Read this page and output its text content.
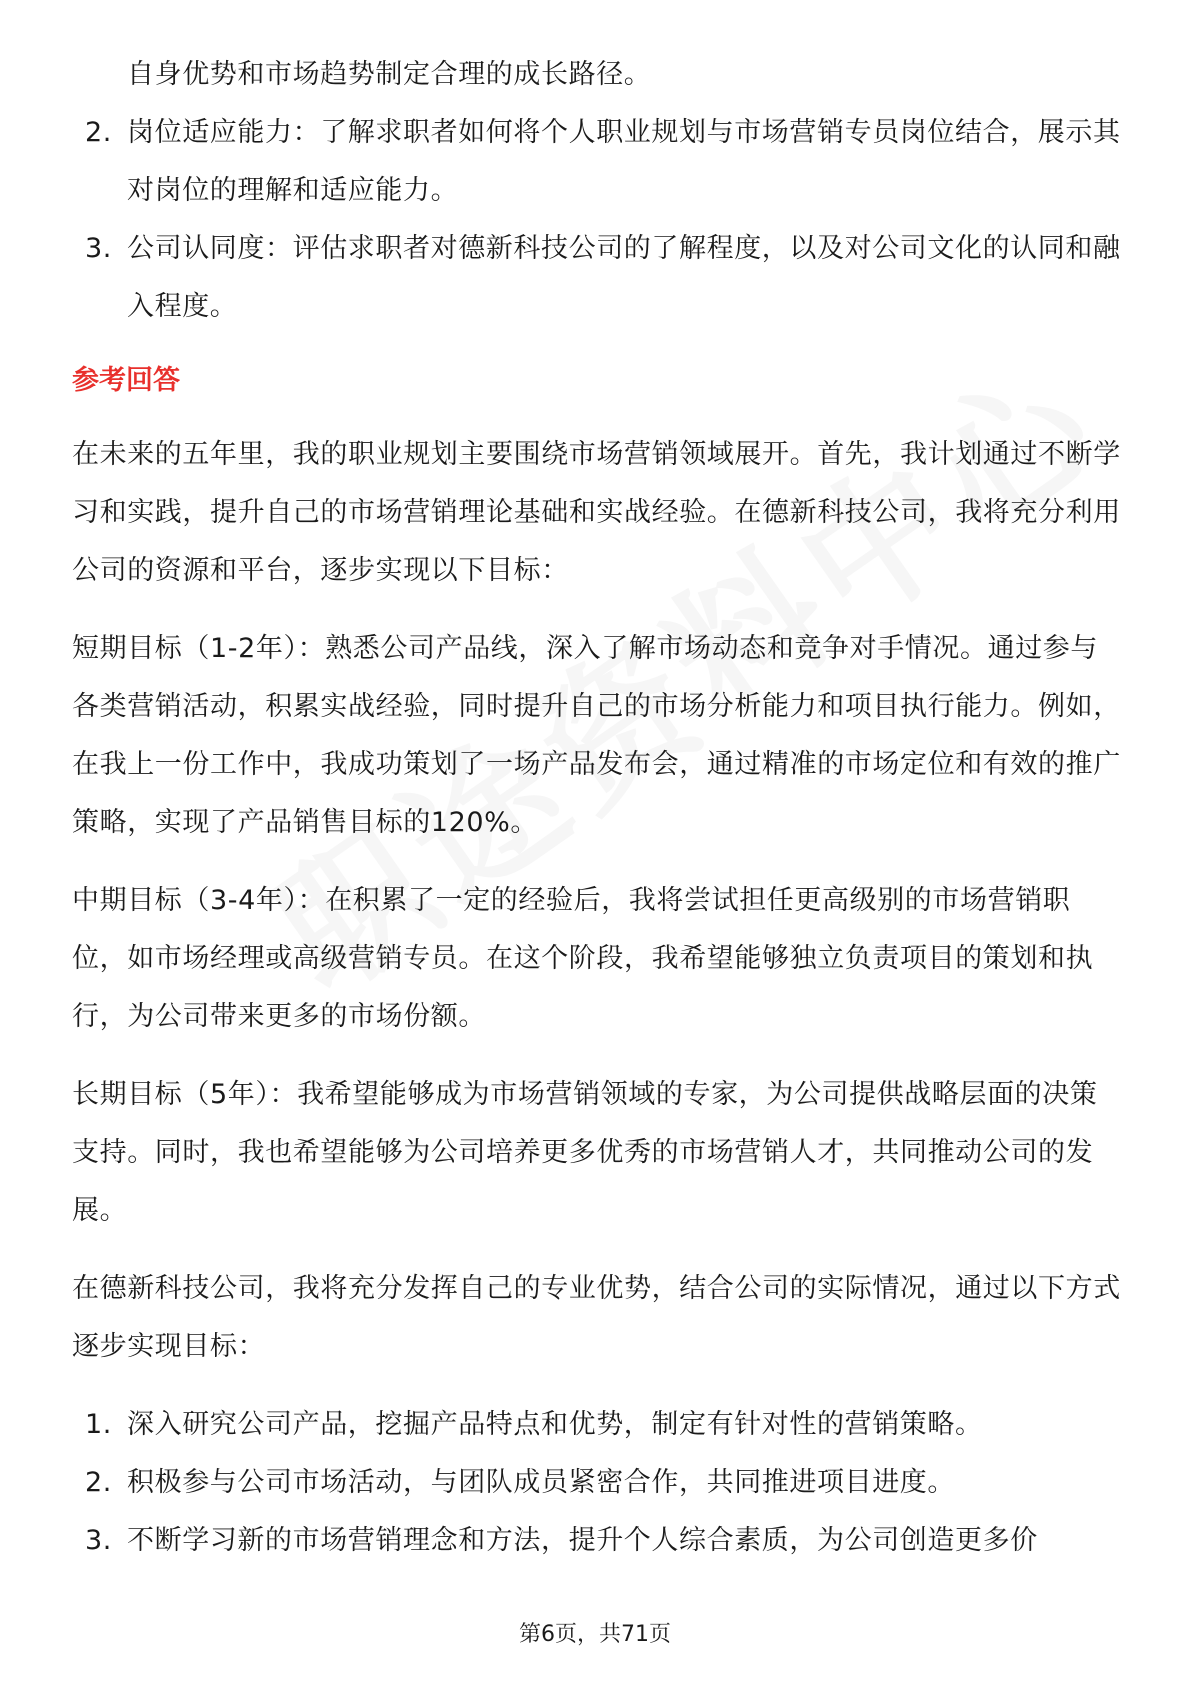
自身优势和市场趋势制定合理的成长路径。

2. 岗位适应能力：了解求职者如何将个人职业规划与市场营销专员岗位结合，展示其对岗位的理解和适应能力。
3. 公司认同度：评估求职者对德新科技公司的了解程度，以及对公司文化的认同和融入程度。
参考回答

在未来的五年里，我的职业规划主要围绕市场营销领域展开。首先，我计划通过不断学习和实践，提升自己的市场营销理论基础和实战经验。在德新科技公司，我将充分利用公司的资源和平台，逐步实现以下目标：

短期目标（1-2年）：熟悉公司产品线，深入了解市场动态和竞争对手情况。通过参与各类营销活动，积累实战经验，同时提升自己的市场分析能力和项目执行能力。例如，在我上一份工作中，我成功策划了一场产品发布会，通过精准的市场定位和有效的推广策略，实现了产品销售目标的120%。

中期目标（3-4年）：在积累了一定的经验后，我将尝试担任更高级别的市场营销职位，如市场经理或高级营销专员。在这个阶段，我希望能够独立负责项目的策划和执行，为公司带来更多的市场份额。

长期目标（5年）：我希望能够成为市场营销领域的专家，为公司提供战略层面的决策支持。同时，我也希望能够为公司培养更多优秀的市场营销人才，共同推动公司的发展。

在德新科技公司，我将充分发挥自己的专业优势，结合公司的实际情况，通过以下方式逐步实现目标：

1. 深入研究公司产品，挖掘产品特点和优势，制定有针对性的营销策略。
2. 积极参与公司市场活动，与团队成员紧密合作，共同推进项目进度。
3. 不断学习新的市场营销理念和方法，提升个人综合素质，为公司创造更多价
第6页，共71页
